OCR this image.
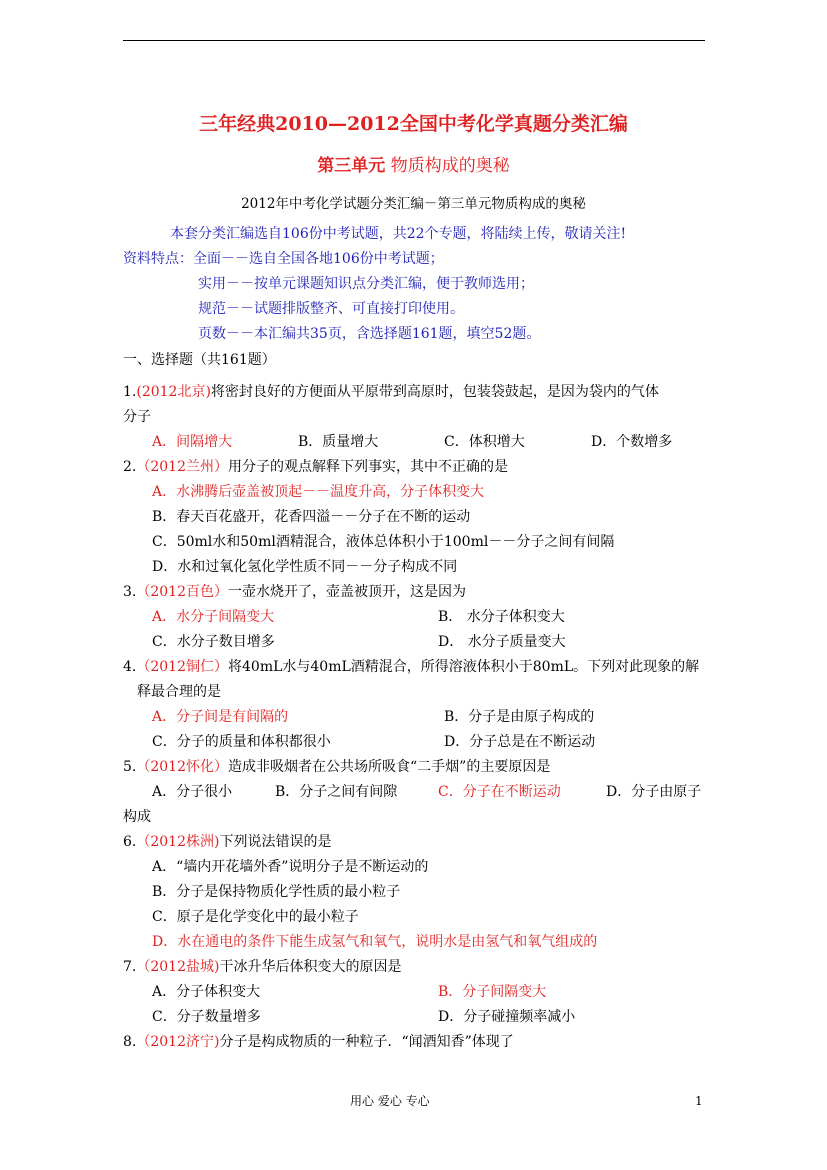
三年经典2010—2012全国中考化学真题分类汇编
第三单元 物质构成的奥秘
2012年中考化学试题分类汇编－第三单元物质构成的奥秘
本套分类汇编选自106份中考试题，共22个专题，将陆续上传，敬请关注!
资料特点：全面－－选自全国各地106份中考试题；
实用－－按单元课题知识点分类汇编，便于教师选用；
规范－－试题排版整齐、可直接打印使用。
页数－－本汇编共35页，含选择题161题，填空52题。
一、选择题（共161题）
1.(2012北京)将密封良好的方便面从平原带到高原时，包装袋鼓起，是因为袋内的气体
分子
A．间隔增大	B．质量增大	C．体积增大	D．个数增多
2.（2012兰州）用分子的观点解释下列事实，其中不正确的是
A．水沸腾后壶盖被顶起－－温度升高，分子体积变大
B．春天百花盛开，花香四溢－－分子在不断的运动
C．50ml水和50ml酒精混合，液体总体积小于100ml－－分子之间有间隔
D．水和过氧化氢化学性质不同－－分子构成不同
3.（2012百色）一壶水烧开了，壶盖被顶开，这是因为
A．水分子间隔变大	B． 水分子体积变大
C．水分子数目增多	D． 水分子质量变大
4.（2012铜仁）将40mL水与40mL酒精混合，所得溶液体积小于80mL。下列对此现象的解
释最合理的是
A．分子间是有间隔的	B．分子是由原子构成的
C．分子的质量和体积都很小	D．分子总是在不断运动
5.（2012怀化）造成非吸烟者在公共场所吸食“二手烟”的主要原因是
A．分子很小	B．分子之间有间隙	C．分子在不断运动	D．分子由原子
构成
6.（2012株洲)下列说法错误的是
A．“墙内开花墙外香”说明分子是不断运动的
B．分子是保持物质化学性质的最小粒子
C．原子是化学变化中的最小粒子
D．水在通电的条件下能生成氢气和氧气，说明水是由氢气和氧气组成的
7.（2012盐城)干冰升华后体积变大的原因是
A．分子体积变大	B．分子间隔变大
C．分子数量增多	D．分子碰撞频率减小
8.（2012济宁)分子是构成物质的一种粒子．“闻酒知香”体现了
用心 爱心 专心	1
